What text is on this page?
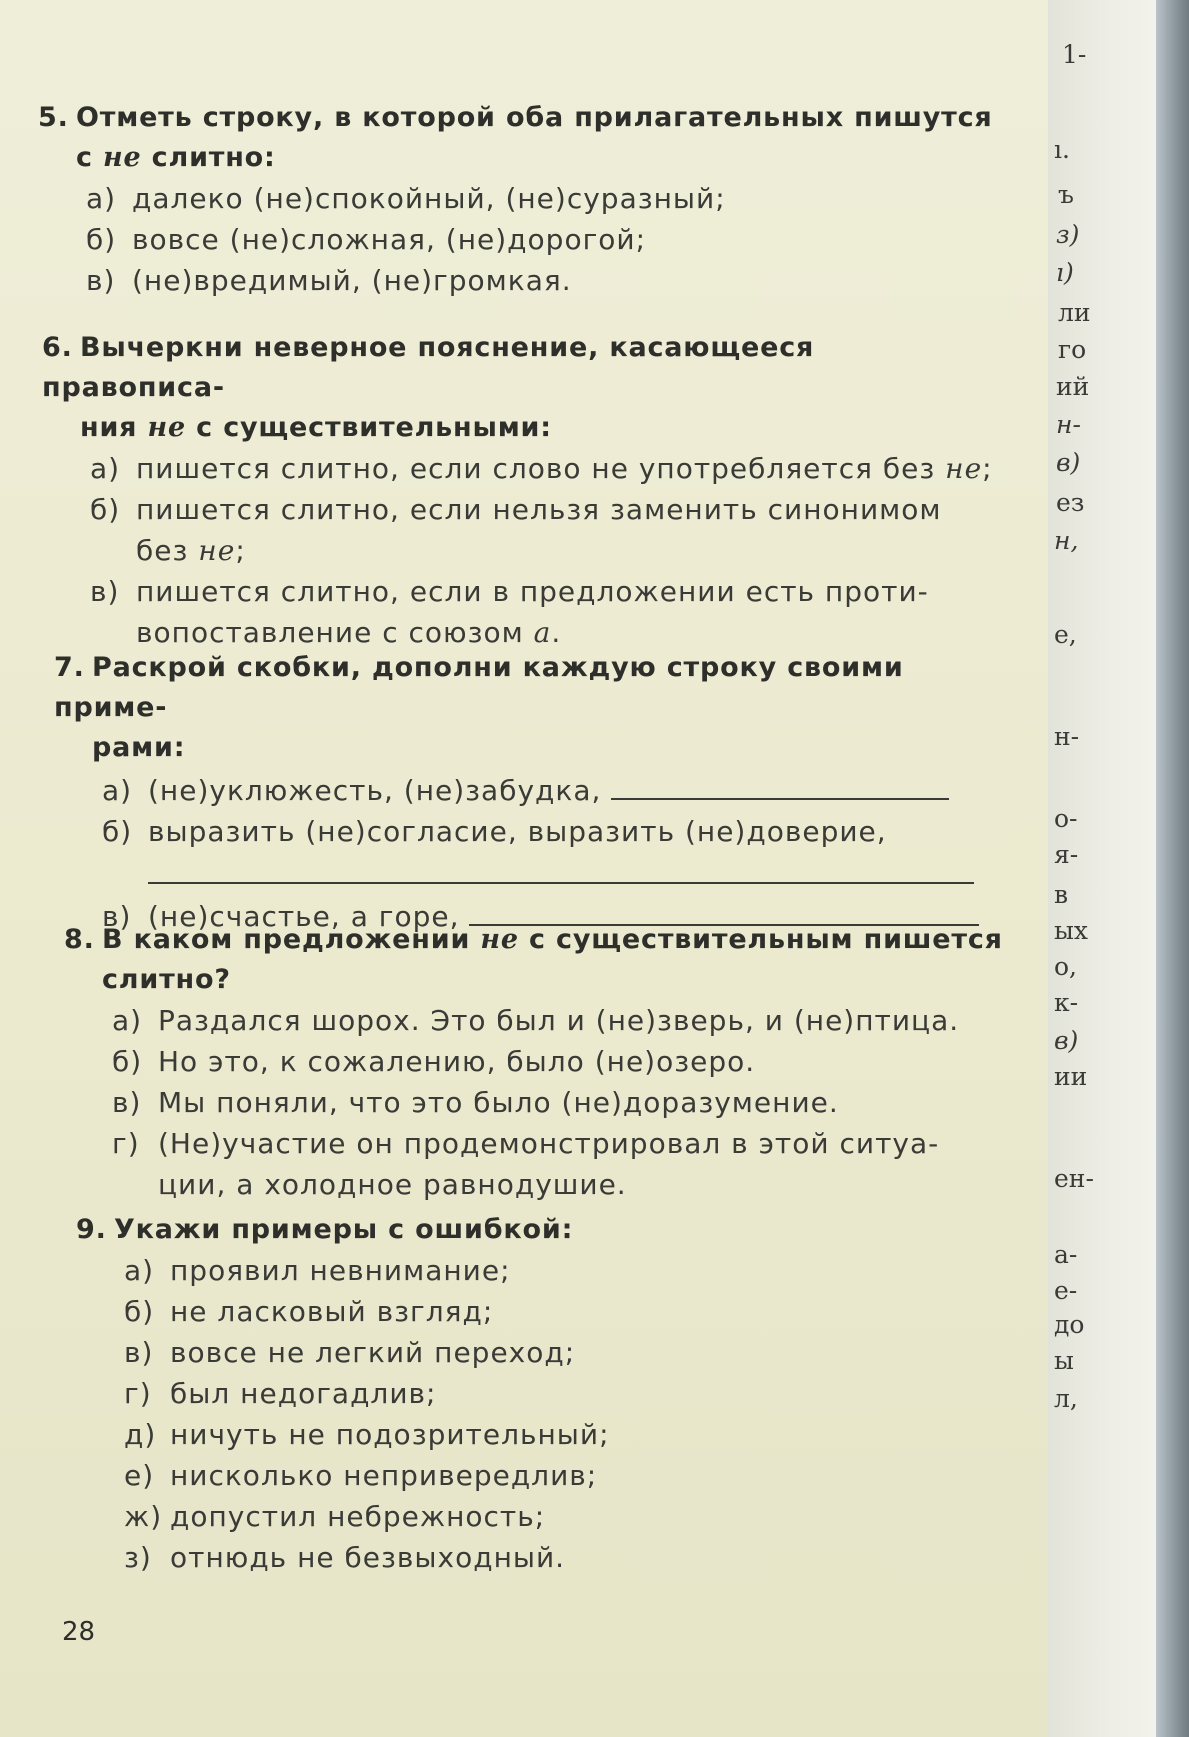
5. Отметь строку, в которой оба прилагательных пишутся
с не слитно:
а) далеко (не)спокойный, (не)суразный;
б) вовсе (не)сложная, (не)дорогой;
в) (не)вредимый, (не)громкая.
6. Вычеркни неверное пояснение, касающееся правописа-
ния не с существительными:
а) пишется слитно, если слово не употребляется без не;
б) пишется слитно, если нельзя заменить синонимом
без не;
в) пишется слитно, если в предложении есть проти-
вопоставление с союзом а.
7. Раскрой скобки, дополни каждую строку своими приме-
рами:
а) (не)уклюжесть, (не)забудка,
б) выразить (не)согласие, выразить (не)доверие,
в) (не)счастье, а горе,
8. В каком предложении не с существительным пишется
слитно?
а) Раздался шорох. Это был и (не)зверь, и (не)птица.
б) Но это, к сожалению, было (не)озеро.
в) Мы поняли, что это было (не)доразумение.
г) (Не)участие он продемонстрировал в этой ситуа-
ции, а холодное равнодушие.
9. Укажи примеры с ошибкой:
а) проявил невнимание;
б) не ласковый взгляд;
в) вовсе не легкий переход;
г) был недогадлив;
д) ничуть не подозрительный;
е) нисколько непривередлив;
ж) допустил небрежность;
з) отнюдь не безвыходный.
28
1-
ı.
ъ
з)
ı)
ли
го
ий
н-
в)
ез
н,
е,
н-
о-
я-
в
ых
о,
к-
в)
ии
ен-
а-
е-
до
ы
л,
